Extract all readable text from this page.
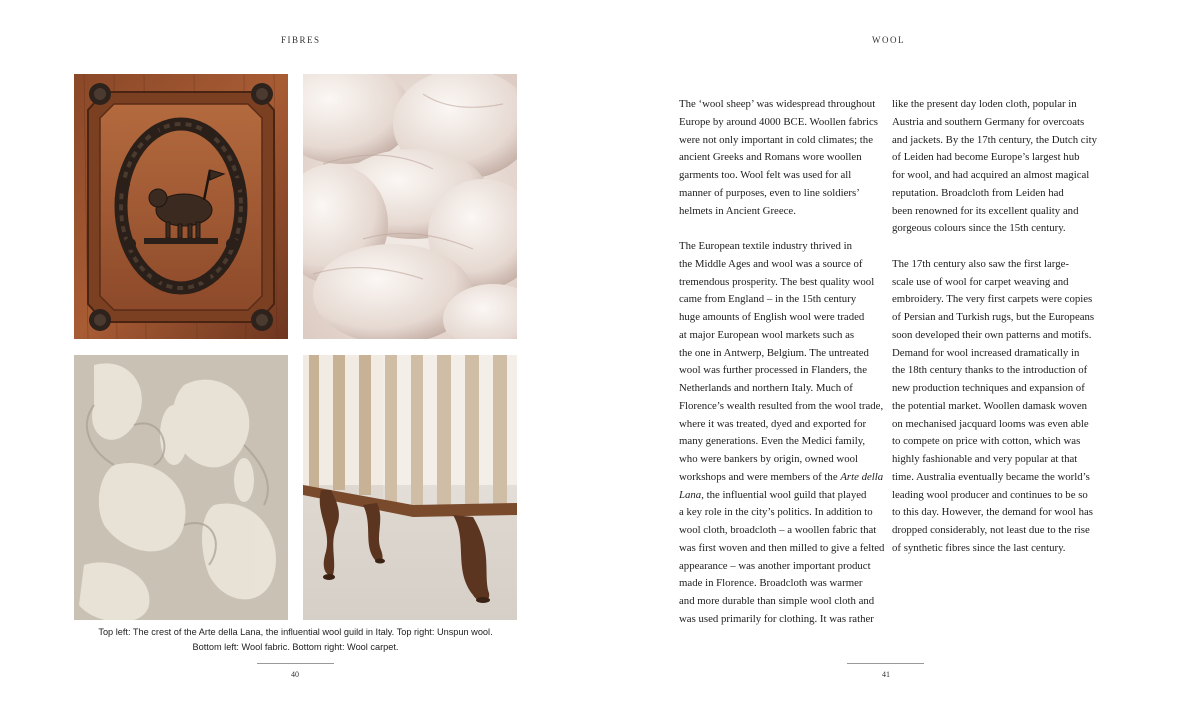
FIBRES	WOOL
Top left: The crest of the Arte della Lana, the influential wool guild in Italy. Top right: Unspun wool.
Bottom left: Wool fabric. Bottom right: Wool carpet.
40	41

The ‘wool sheep’ was widespread throughout
Europe by around 4000 BCE. Woollen fabrics
were not only important in cold climates; the
ancient Greeks and Romans wore woollen
garments too. Wool felt was used for all
manner of purposes, even to line soldiers’
helmets in Ancient Greece.

The European textile industry thrived in
the Middle Ages and wool was a source of
tremendous prosperity. The best quality wool
came from England – in the 15th century
huge amounts of English wool were traded
at major European wool markets such as
the one in Antwerp, Belgium. The untreated
wool was further processed in Flanders, the
Netherlands and northern Italy. Much of
Florence’s wealth resulted from the wool trade,
where it was treated, dyed and exported for
many generations. Even the Medici family,
who were bankers by origin, owned wool
workshops and were members of the Arte della
Lana, the influential wool guild that played
a key role in the city’s politics. In addition to
wool cloth, broadcloth – a woollen fabric that
was first woven and then milled to give a felted
appearance – was another important product
made in Florence. Broadcloth was warmer
and more durable than simple wool cloth and
was used primarily for clothing. It was rather

like the present day loden cloth, popular in
Austria and southern Germany for overcoats
and jackets. By the 17th century, the Dutch city
of Leiden had become Europe’s largest hub
for wool, and had acquired an almost magical
reputation. Broadcloth from Leiden had
been renowned for its excellent quality and
gorgeous colours since the 15th century.

The 17th century also saw the first large-
scale use of wool for carpet weaving and
embroidery. The very first carpets were copies
of Persian and Turkish rugs, but the Europeans
soon developed their own patterns and motifs.
Demand for wool increased dramatically in
the 18th century thanks to the introduction of
new production techniques and expansion of
the potential market. Woollen damask woven
on mechanised jacquard looms was even able
to compete on price with cotton, which was
highly fashionable and very popular at that
time. Australia eventually became the world’s
leading wool producer and continues to be so
to this day. However, the demand for wool has
dropped considerably, not least due to the rise
of synthetic fibres since the last century.
